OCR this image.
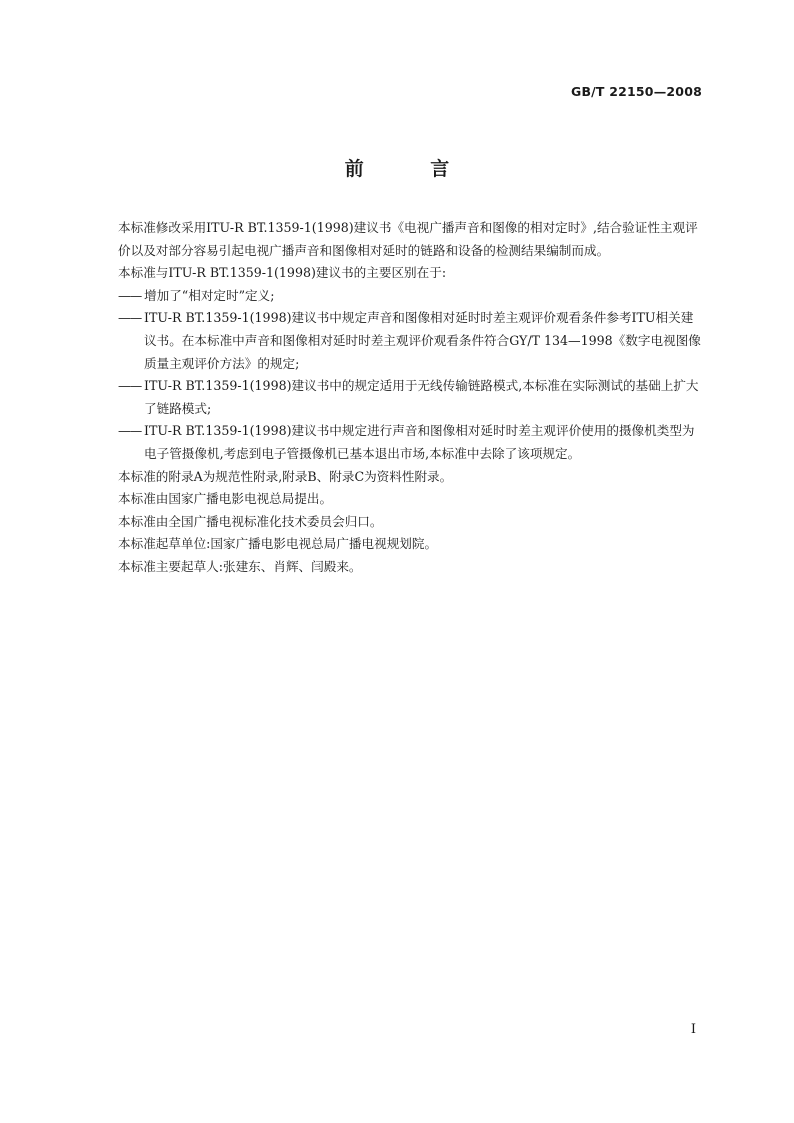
GB/T 22150—2008
前 言

本标准修改采用ITU-R BT.1359-1(1998)建议书《电视广播声音和图像的相对定时》,结合验证性主观评价以及对部分容易引起电视广播声音和图像相对延时的链路和设备的检测结果编制而成。

本标准与ITU-R BT.1359-1(1998)建议书的主要区别在于:

—— 增加了“相对定时”定义;
—— ITU-R BT.1359-1(1998)建议书中规定声音和图像相对延时时差主观评价观看条件参考ITU相关建议书。在本标准中声音和图像相对延时时差主观评价观看条件符合GY/T 134—1998《数字电视图像质量主观评价方法》的规定;
—— ITU-R BT.1359-1(1998)建议书中的规定适用于无线传输链路模式,本标准在实际测试的基础上扩大了链路模式;
—— ITU-R BT.1359-1(1998)建议书中规定进行声音和图像相对延时时差主观评价使用的摄像机类型为电子管摄像机,考虑到电子管摄像机已基本退出市场,本标准中去除了该项规定。

本标准的附录A为规范性附录,附录B、附录C为资料性附录。

本标准由国家广播电影电视总局提出。

本标准由全国广播电视标准化技术委员会归口。

本标准起草单位:国家广播电影电视总局广播电视规划院。

本标准主要起草人:张建东、肖辉、闫殿来。

I
